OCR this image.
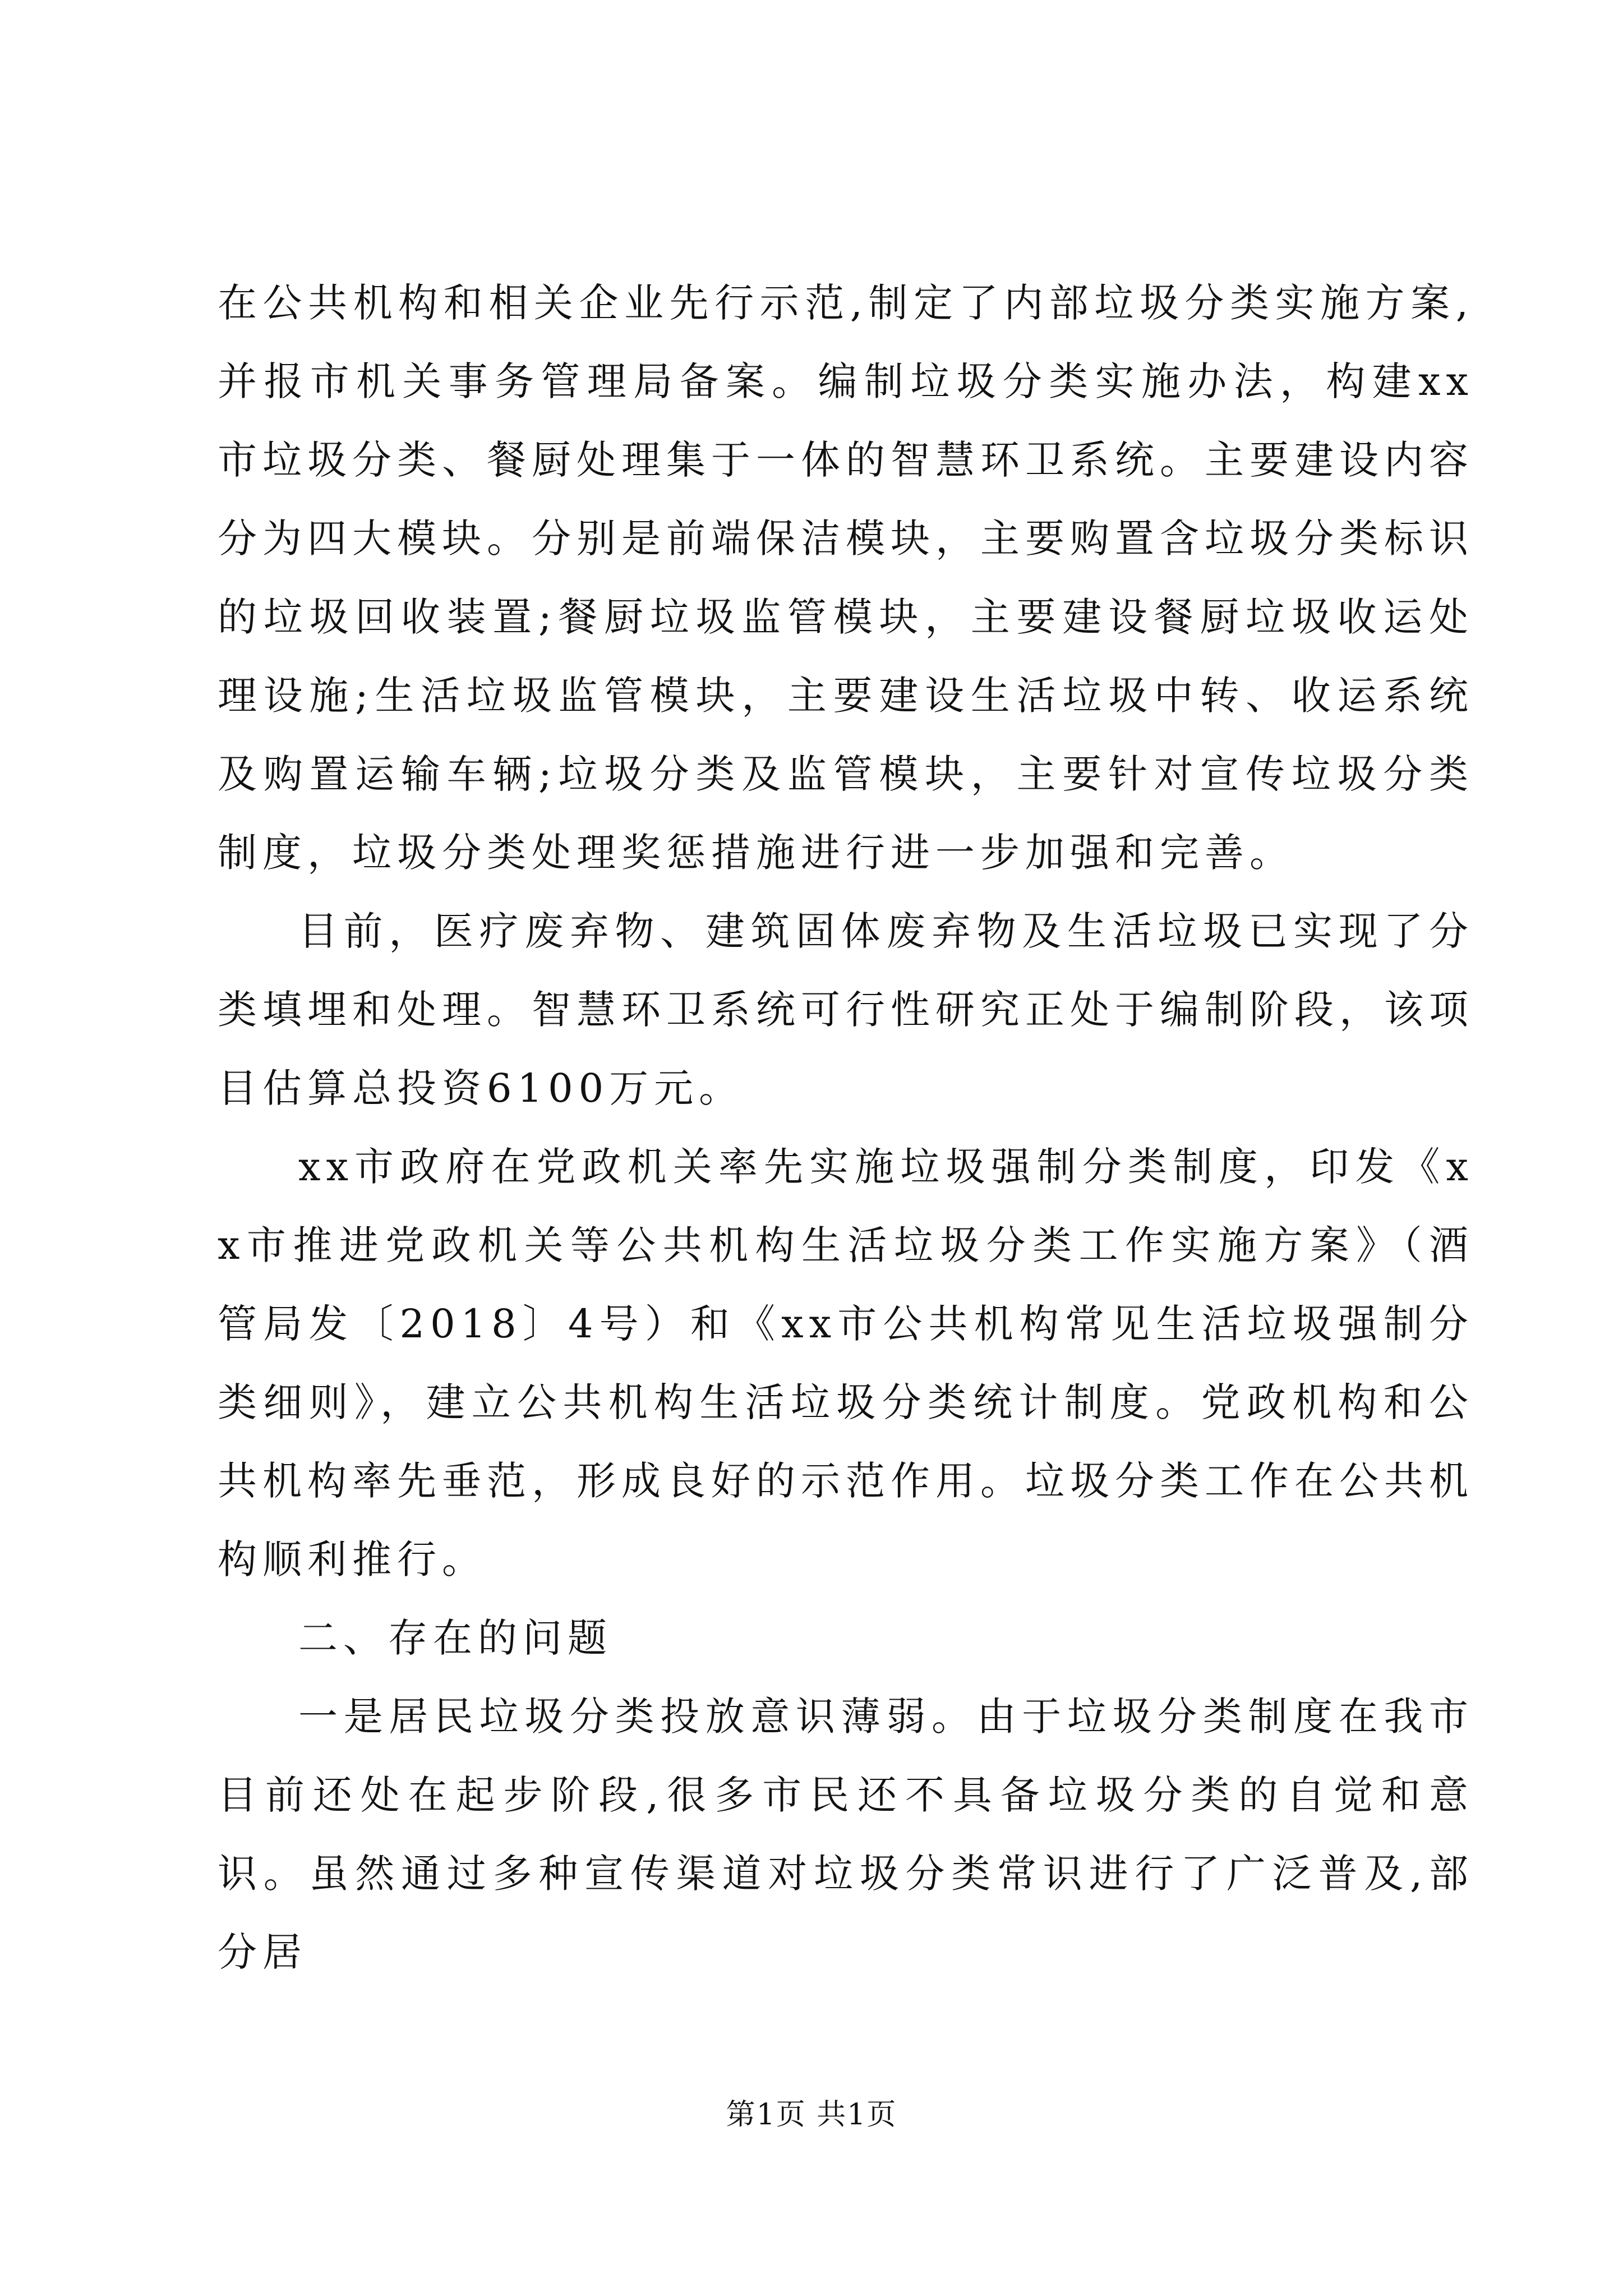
在公共机构和相关企业先行示范,制定了内部垃圾分类实施方案,并报市机关事务管理局备案。编制垃圾分类实施办法，构建xx市垃圾分类、餐厨处理集于一体的智慧环卫系统。主要建设内容分为四大模块。分别是前端保洁模块，主要购置含垃圾分类标识的垃圾回收装置;餐厨垃圾监管模块，主要建设餐厨垃圾收运处理设施;生活垃圾监管模块，主要建设生活垃圾中转、收运系统及购置运输车辆;垃圾分类及监管模块，主要针对宣传垃圾分类制度，垃圾分类处理奖惩措施进行进一步加强和完善。

目前，医疗废弃物、建筑固体废弃物及生活垃圾已实现了分类填埋和处理。智慧环卫系统可行性研究正处于编制阶段，该项目估算总投资6100万元。

xx市政府在党政机关率先实施垃圾强制分类制度，印发《xx市推进党政机关等公共机构生活垃圾分类工作实施方案》（酒管局发〔2018〕4号）和《xx市公共机构常见生活垃圾强制分类细则》，建立公共机构生活垃圾分类统计制度。党政机构和公共机构率先垂范，形成良好的示范作用。垃圾分类工作在公共机构顺利推行。

二、存在的问题

一是居民垃圾分类投放意识薄弱。由于垃圾分类制度在我市目前还处在起步阶段,很多市民还不具备垃圾分类的自觉和意识。虽然通过多种宣传渠道对垃圾分类常识进行了广泛普及,部分居

第1页 共1页
